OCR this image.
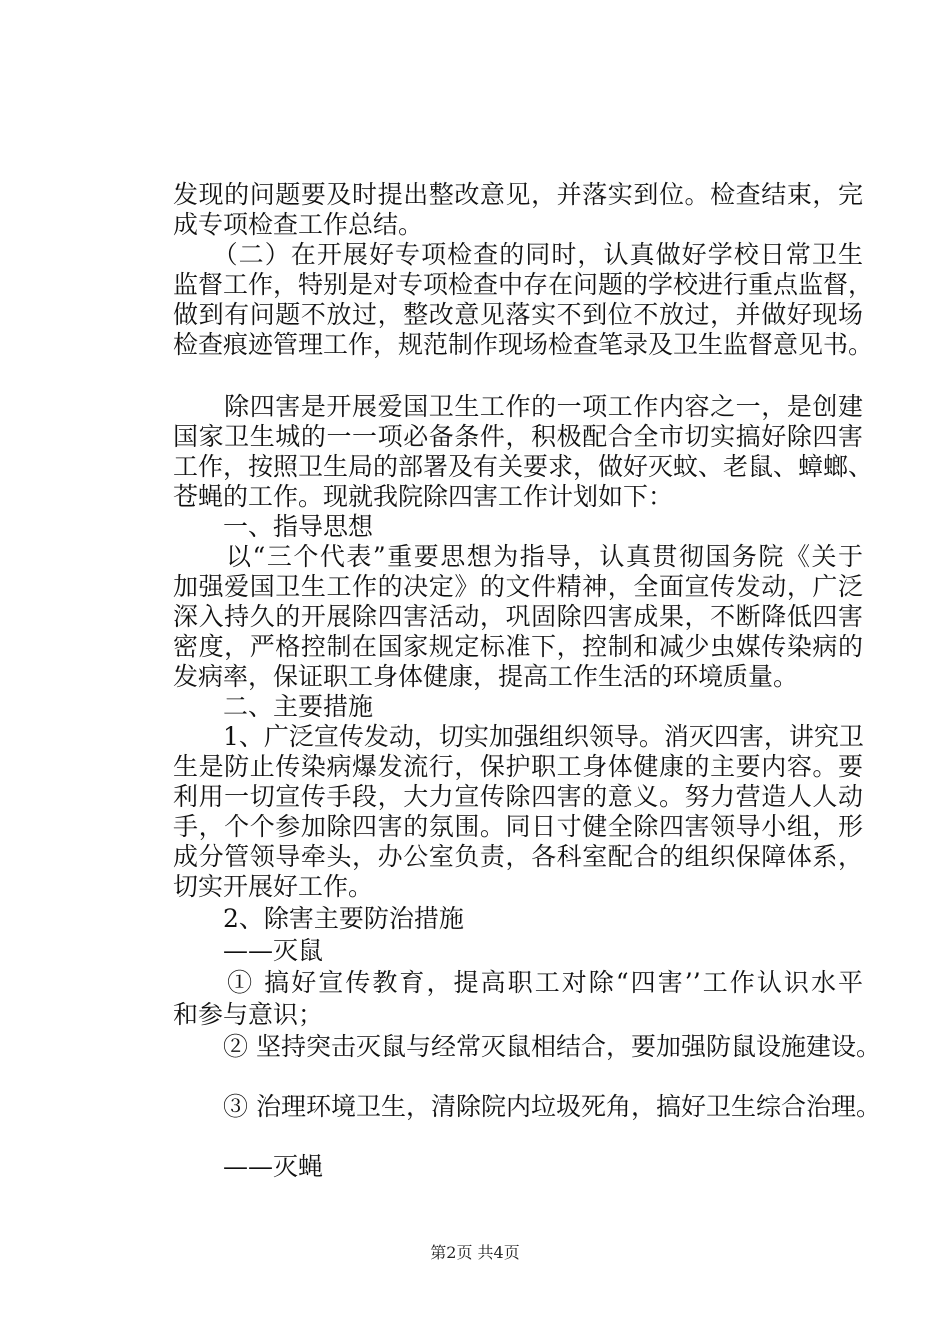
发现的问题要及时提出整改意见，并落实到位。检查结束，完
成专项检查工作总结。
　　（二）在开展好专项检查的同时，认真做好学校日常卫生
监督工作，特别是对专项检查中存在问题的学校进行重点监督，
做到有问题不放过，整改意见落实不到位不放过，并做好现场
检查痕迹管理工作，规范制作现场检查笔录及卫生监督意见书。
　　除四害是开展爱国卫生工作的一项工作内容之一，是创建
国家卫生城的一一项必备条件，积极配合全市切实搞好除四害
工作，按照卫生局的部署及有关要求，做好灭蚊、老鼠、蟑螂、
苍蝇的工作。现就我院除四害工作计划如下：
　　一、指导思想
　　以“三个代表”重要思想为指导，认真贯彻国务院《关于
加强爱国卫生工作的决定》的文件精神，全面宣传发动，广泛
深入持久的开展除四害活动，巩固除四害成果，不断降低四害
密度，严格控制在国家规定标准下，控制和减少虫媒传染病的
发病率，保证职工身体健康，提高工作生活的环境质量。
　　二、主要措施
　　1、广泛宣传发动，切实加强组织领导。消灭四害，讲究卫
生是防止传染病爆发流行，保护职工身体健康的主要内容。要
利用一切宣传手段，大力宣传除四害的意义。努力营造人人动
手，个个参加除四害的氛围。同日寸健全除四害领导小组，形
成分管领导牵头，办公室负责，各科室配合的组织保障体系，
切实开展好工作。
　　2、除害主要防治措施
　　——灭鼠
　　① 搞好宣传教育，提高职工对除“四害’’工作认识水平
和参与意识；
　　② 坚持突击灭鼠与经常灭鼠相结合，要加强防鼠设施建设。
　　③ 治理环境卫生，清除院内垃圾死角，搞好卫生综合治理。
　　——灭蝇
第2页 共4页
